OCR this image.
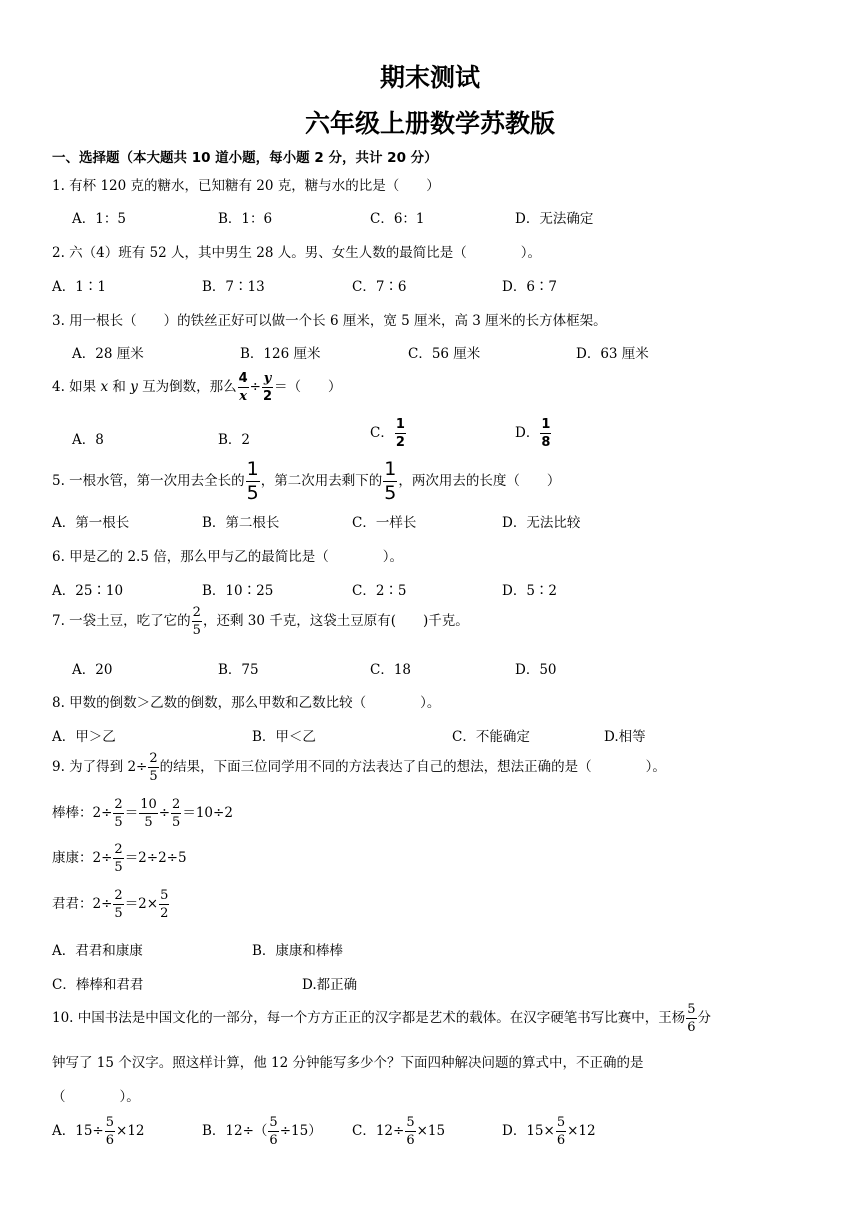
期末测试
六年级上册数学苏教版
一、选择题（本大题共 10 道小题，每小题 2 分，共计 20 分）
1. 有杯 120 克的糖水，已知糖有 20 克，糖与水的比是（　　）
A．1：5	B．1：6	C．6：1	D．无法确定
2. 六（4）班有 52 人，其中男生 28 人。男、女生人数的最简比是（　　　　）。
A．1∶1	B．7∶13	C．7∶6	D．6∶7
3. 用一根长（　　）的铁丝正好可以做一个长 6 厘米，宽 5 厘米，高 3 厘米的长方体框架。
A．28 厘米	B．126 厘米	C．56 厘米	D．63 厘米
4. 如果 x 和 y 互为倒数，那么 $\frac{4}{x} \div \frac{y}{2}$ ＝（　　）
A．8	B．2	C． $\frac{1}{2}$	D． $\frac{1}{8}$
5. 一根水管，第一次用去全长的 $\frac{1}{5}$ ，第二次用去剩下的 $\frac{1}{5}$ ，两次用去的长度（　　）
A．第一根长	B．第二根长	C．一样长	D．无法比较
6. 甲是乙的 2.5 倍，那么甲与乙的最简比是（　　　　）。
A．25∶10	B．10∶25	C．2∶5	D．5∶2
7. 一袋土豆，吃了它的 $\frac{2}{5}$ ，还剩 30 千克，这袋土豆原有(　　)千克。
A．20	B．75	C．18	D．50
8. 甲数的倒数＞乙数的倒数，那么甲数和乙数比较（　　　　）。
A．甲＞乙	B．甲＜乙	C．不能确定	D.相等
9. 为了得到 $2\div \frac{2}{5}$ 的结果，下面三位同学用不同的方法表达了自己的想法，想法正确的是（　　　　）。
棒棒：$2\div \frac{2}{5} = \frac{10}{5} \div \frac{2}{5} =10\div 2$
康康：$2\div \frac{2}{5} =2\div 2\div 5$
君君：$2\div \frac{2}{5} =2\times \frac{5}{2}$
A．君君和康康	B．康康和棒棒
C．棒棒和君君	D.都正确
10. 中国书法是中国文化的一部分，每一个方方正正的汉字都是艺术的载体。在汉字硬笔书写比赛中，王杨 $\frac{5}{6}$ 分
钟写了 15 个汉字。照这样计算，他 12 分钟能写多少个？下面四种解决问题的算式中，不正确的是
（　　　　）。
A．$15\div \frac{5}{6} \times 12$	B．$12\div( \frac{5}{6} \div 15)$ C．$12\div \frac{5}{6} \times 15$	D．$15\times \frac{5}{6} \times 12$
